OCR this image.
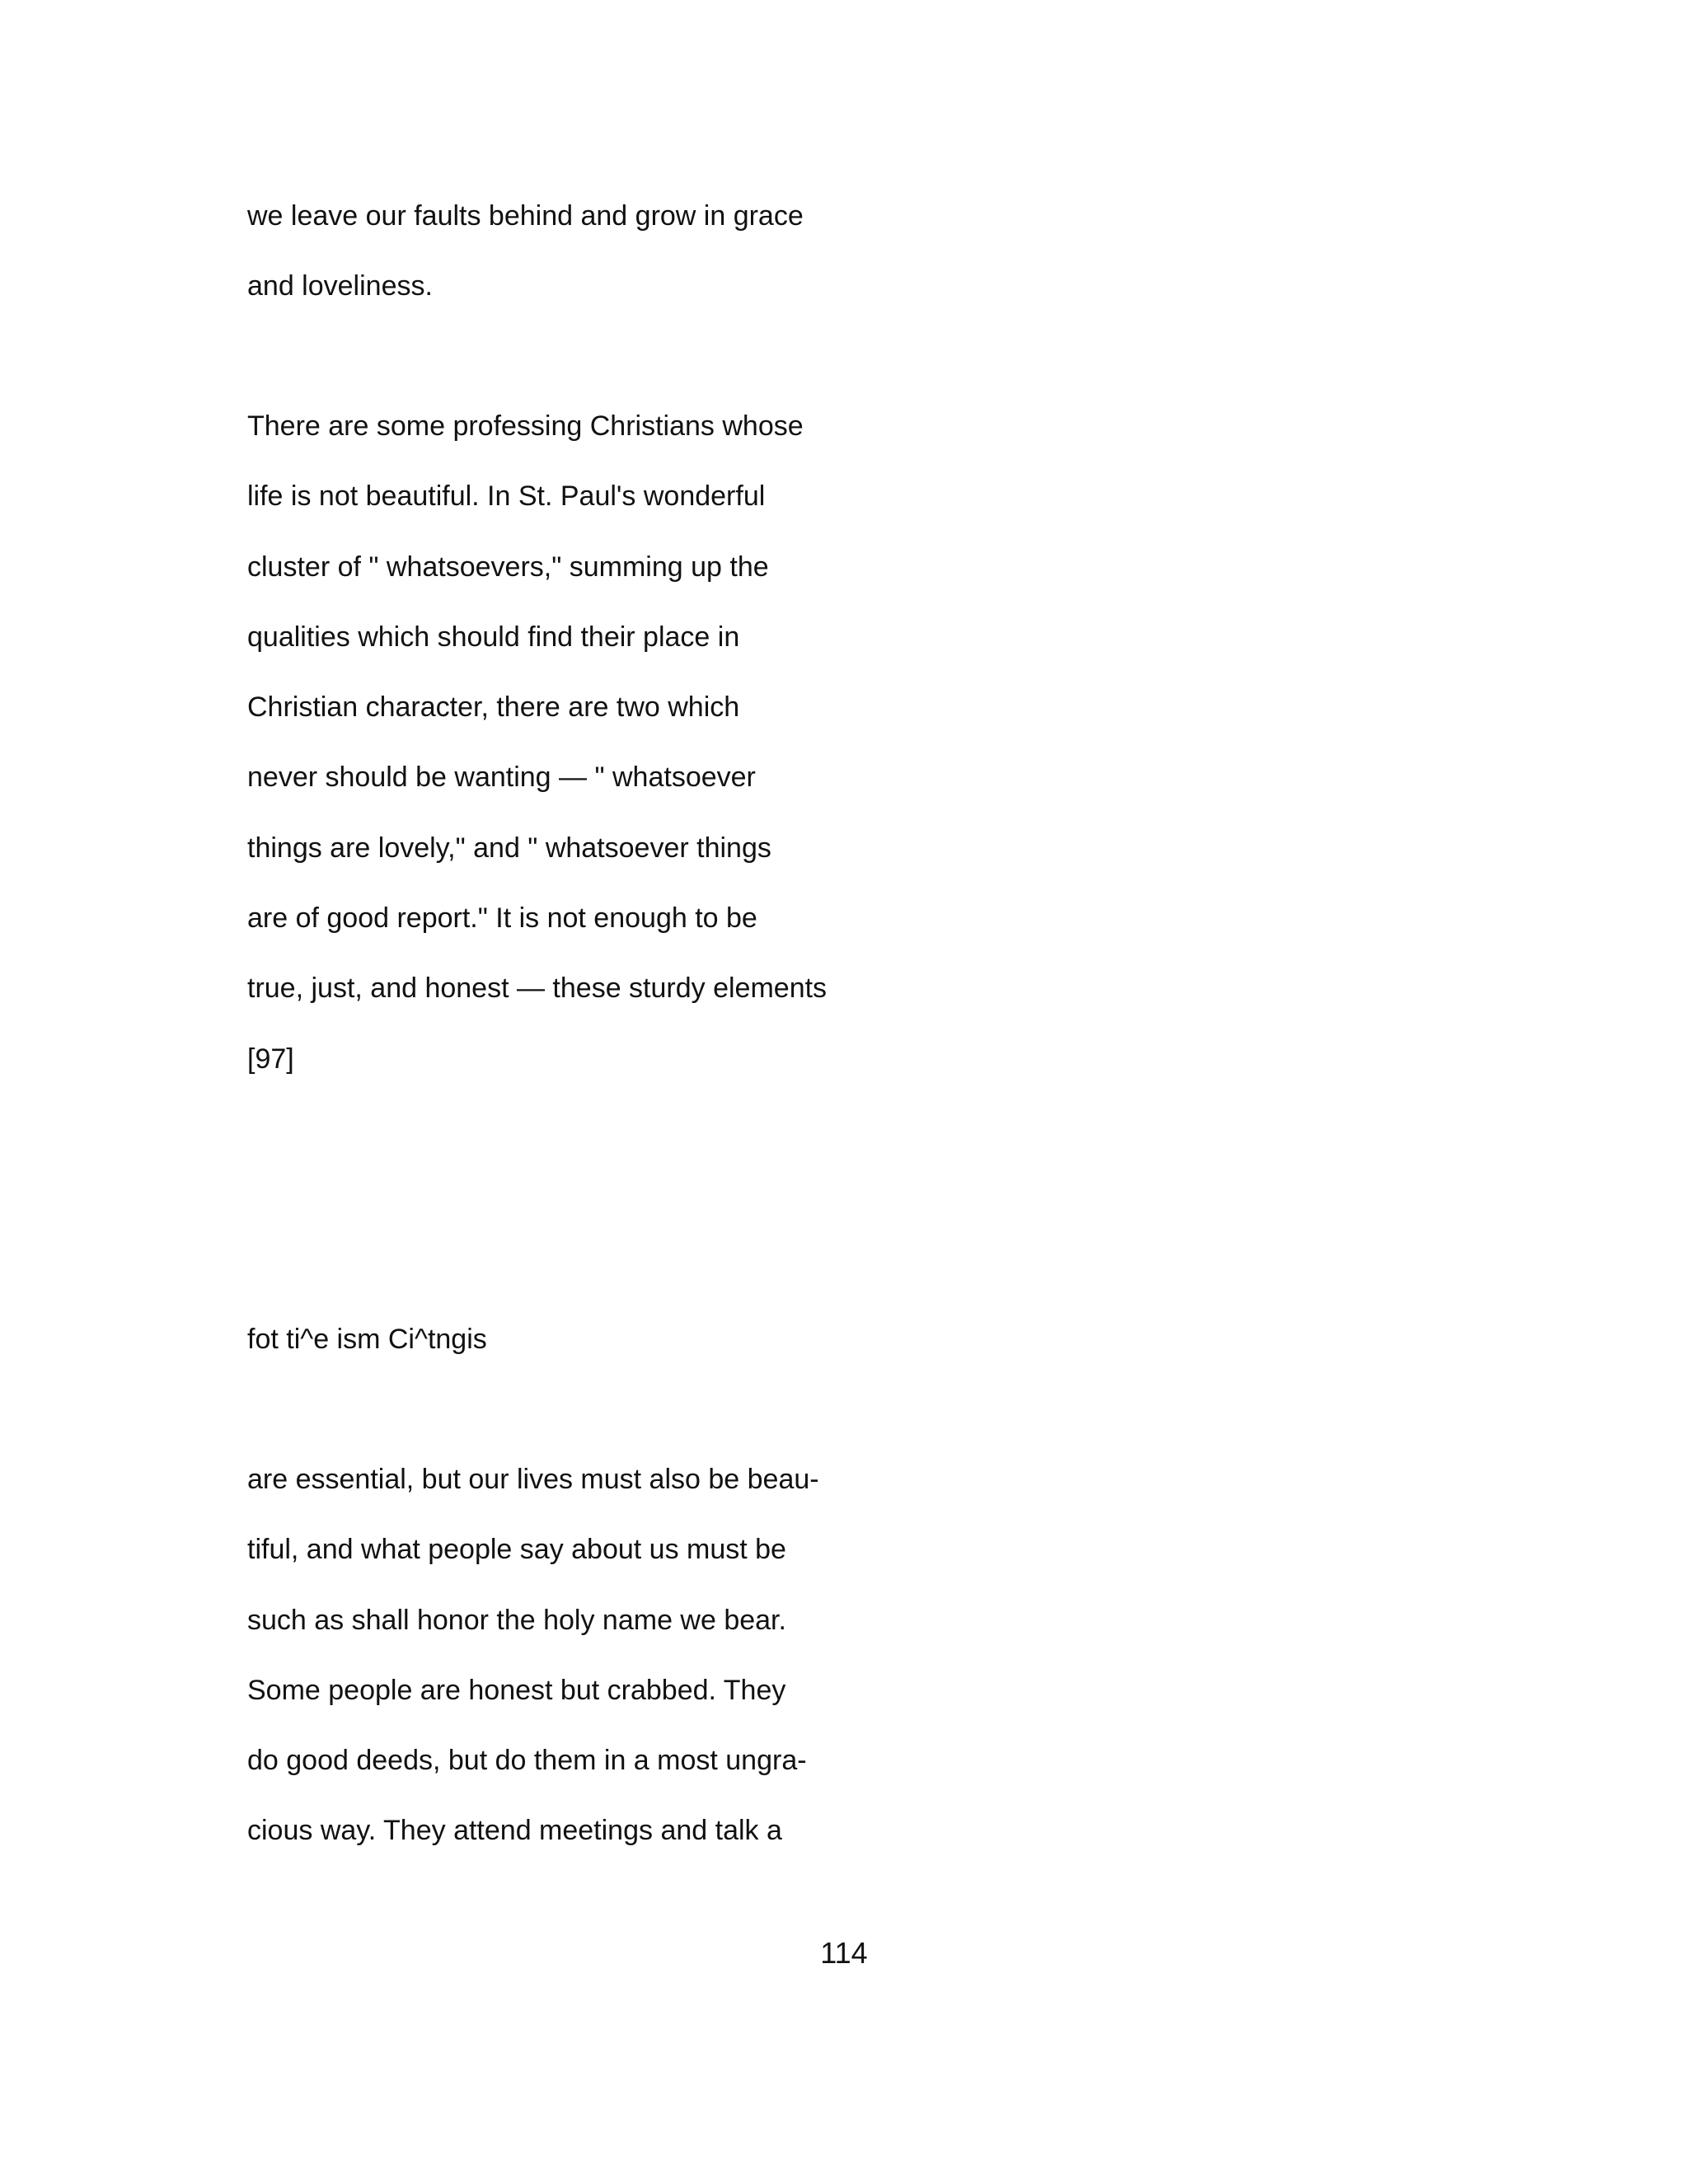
we leave our faults behind and grow in grace
and loveliness.
There are some professing Christians whose
life is not beautiful. In St. Paul's wonderful
cluster of " whatsoevers," summing up the
qualities which should find their place in
Christian character, there are two which
never should be wanting — " whatsoever
things are lovely," and " whatsoever things
are of good report." It is not enough to be
true, just, and honest — these sturdy elements
[97]
fot ti^e ism Ci^tngis
are essential, but our lives must also be beau-
tiful, and what people say about us must be
such as shall honor the holy name we bear.
Some people are honest but crabbed. They
do good deeds, but do them in a most ungra-
cious way. They attend meetings and talk a
114
